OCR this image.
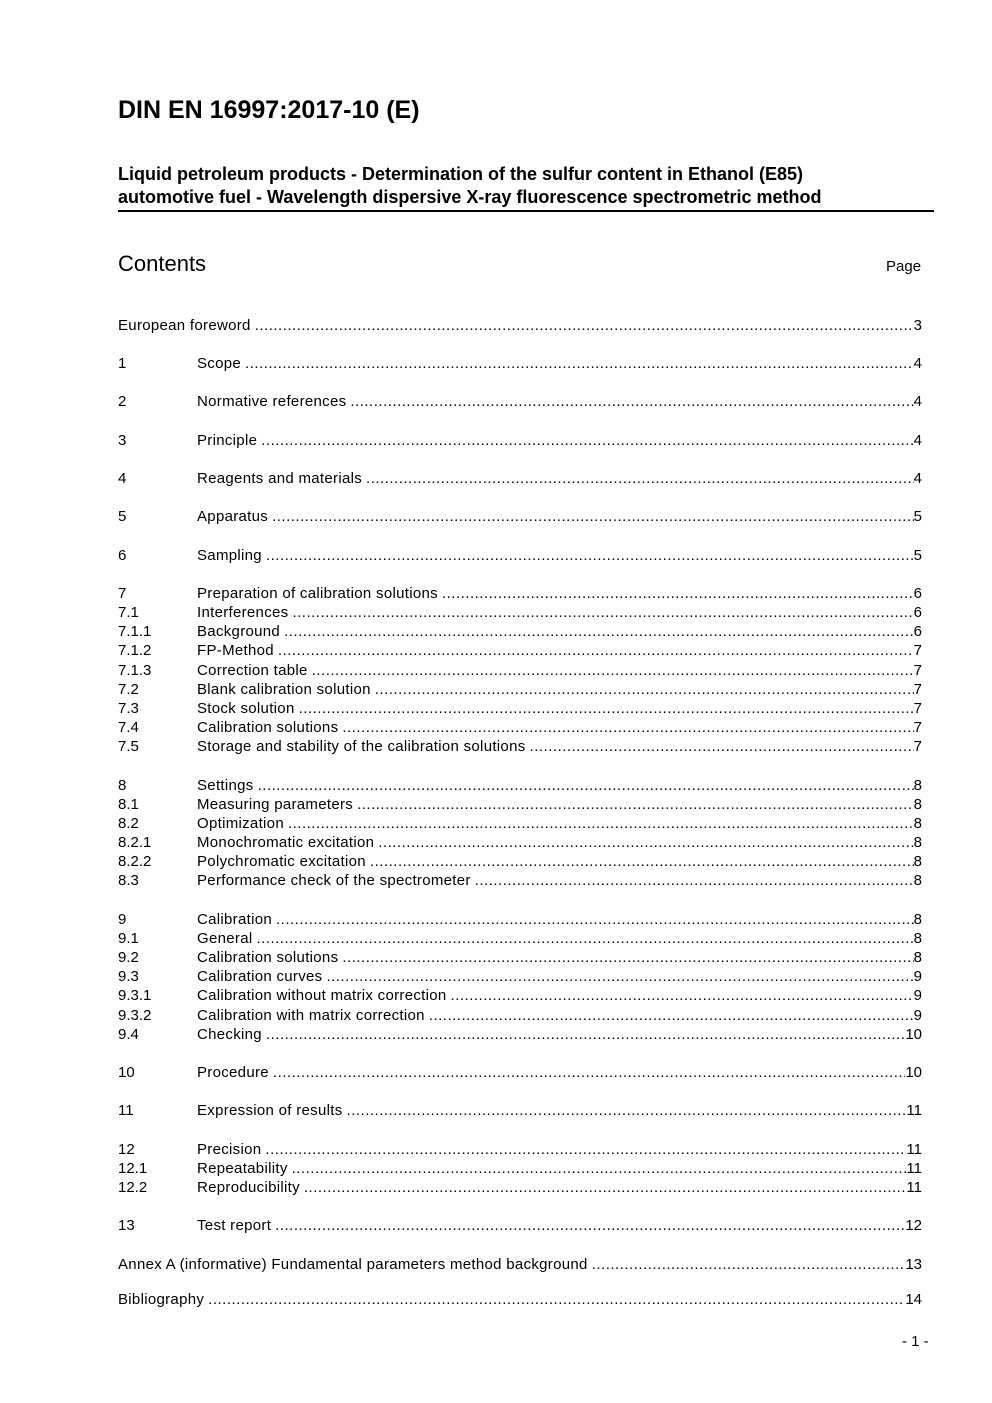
DIN EN 16997:2017-10 (E)
Liquid petroleum products - Determination of the sulfur content in Ethanol (E85)
automotive fuel - Wavelength dispersive X-ray fluorescence spectrometric method
Contents	Page
European foreword .....	3
1	Scope .....	4
2	Normative references .....	4
3	Principle .....	4
4	Reagents and materials .....	4
5	Apparatus .....	5
6	Sampling .....	5
7	Preparation of calibration solutions .....	6
7.1	Interferences .....	6
7.1.1	Background .....	6
7.1.2	FP-Method .....	7
7.1.3	Correction table .....	7
7.2	Blank calibration solution .....	7
7.3	Stock solution .....	7
7.4	Calibration solutions .....	7
7.5	Storage and stability of the calibration solutions .....	7
8	Settings .....	8
8.1	Measuring parameters .....	8
8.2	Optimization .....	8
8.2.1	Monochromatic excitation .....	8
8.2.2	Polychromatic excitation .....	8
8.3	Performance check of the spectrometer .....	8
9	Calibration .....	8
9.1	General .....	8
9.2	Calibration solutions .....	8
9.3	Calibration curves .....	9
9.3.1	Calibration without matrix correction .....	9
9.3.2	Calibration with matrix correction .....	9
9.4	Checking .....	10
10	Procedure .....	10
11	Expression of results .....	11
12	Precision .....	11
12.1	Repeatability .....	11
12.2	Reproducibility .....	11
13	Test report .....	12
Annex A (informative) Fundamental parameters method background .....	13
Bibliography .....	14
- 1 -
